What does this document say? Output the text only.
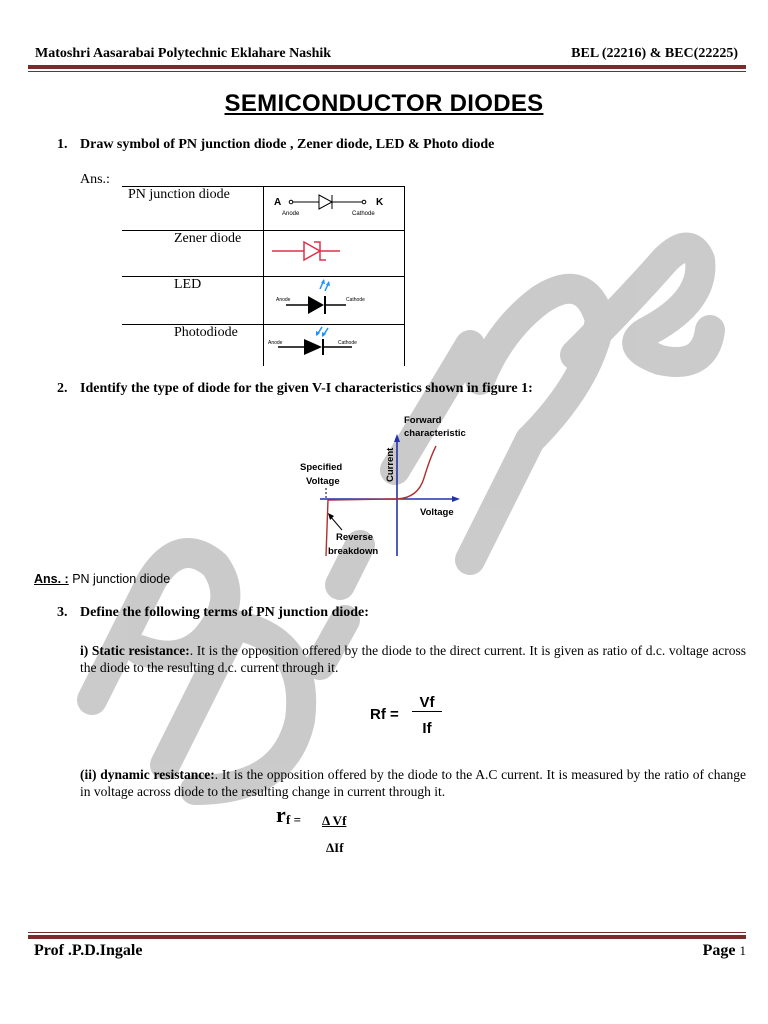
Matoshri Aasarabai Polytechnic Eklahare Nashik	BEL (22216) & BEC(22225)
SEMICONDUCTOR DIODES
1. Draw symbol of PN junction diode , Zener diode, LED & Photo diode
Ans.:
PN junction diode	A K
Anode Cathode

Zener diode	
LED	Anode Cathode

Photodiode	Anode Cathode
2. Identify the type of diode for the given V-I characteristics shown in figure 1:
Forward
characteristic
Specified
Voltage	Current
Voltage
Reverse
breakdown
Ans. : PN junction diode
3. Define the following terms of PN junction diode:
i) Static resistance:. It is the opposition offered by the diode to the direct current. It is given as ratio of d.c. voltage across the diode to the resulting d.c. current through it.
Rf =
Vf
If
(ii) dynamic resistance:. It is the opposition offered by the diode to the A.C current. It is measured by the ratio of change in voltage across diode to the resulting change in current through it.
r f = Δ Vf
ΔIf
Prof .P.D.Ingale	Page 1
